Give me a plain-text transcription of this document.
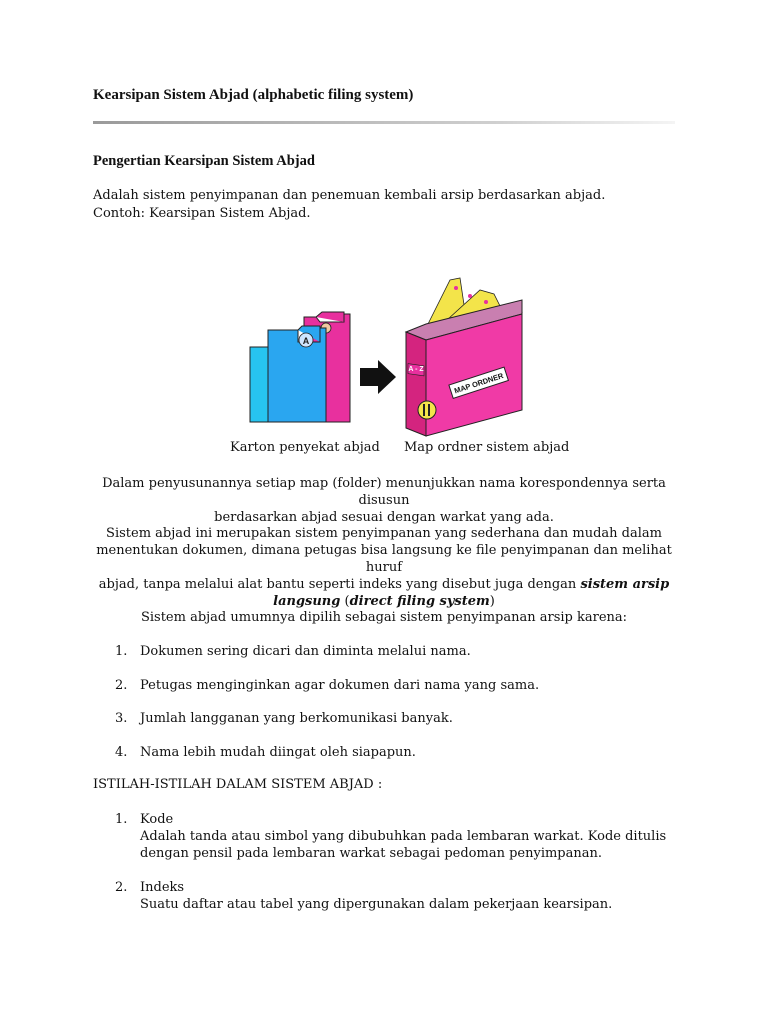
Kearsipan Sistem Abjad (alphabetic filing system)
Pengertian Kearsipan Sistem Abjad
Adalah sistem penyimpanan dan penemuan kembali arsip berdasarkan abjad.
Contoh: Kearsipan Sistem Abjad.
A
A - Z
MAP ORDNER
Karton penyekat abjad Map ordner sistem abjad
Dalam penyusunannya setiap map (folder) menunjukkan nama korespondennya serta disusun
berdasarkan abjad sesuai dengan warkat yang ada.
Sistem abjad ini merupakan sistem penyimpanan yang sederhana dan mudah dalam
menentukan dokumen, dimana petugas bisa langsung ke file penyimpanan dan melihat huruf
abjad, tanpa melalui alat bantu seperti indeks yang disebut juga dengan sistem arsip
langsung (direct filing system)
Sistem abjad umumnya dipilih sebagai sistem penyimpanan arsip karena:
1. Dokumen sering dicari dan diminta melalui nama.
2. Petugas menginginkan agar dokumen dari nama yang sama.
3. Jumlah langganan yang berkomunikasi banyak.
4. Nama lebih mudah diingat oleh siapapun.
ISTILAH-ISTILAH DALAM SISTEM ABJAD :
1. Kode
Adalah tanda atau simbol yang dibubuhkan pada lembaran warkat. Kode ditulis
dengan pensil pada lembaran warkat sebagai pedoman penyimpanan.
2. Indeks
Suatu daftar atau tabel yang dipergunakan dalam pekerjaan kearsipan.
